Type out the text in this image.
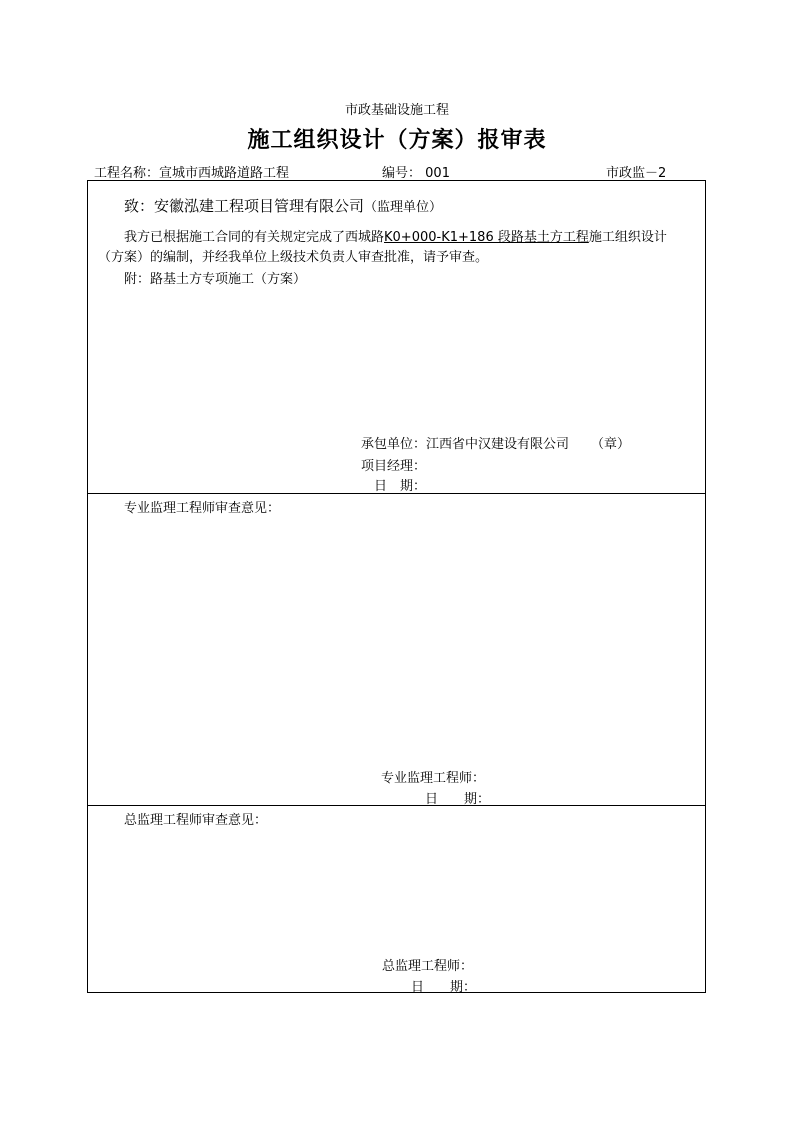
市政基础设施工程
施工组织设计（方案）报审表
工程名称：宣城市西城路道路工程	编号： 001	市政监－2
致：安徽泓建工程项目管理有限公司（监理单位）
我方已根据施工合同的有关规定完成了西城路K0+000-K1+186 段路基土方工程施工组织设计
（方案）的编制，并经我单位上级技术负责人审查批准，请予审查。
附：路基土方专项施工（方案）
承包单位：江西省中汉建设有限公司 （章）
项目经理：
日　期：
专业监理工程师审查意见：
专业监理工程师：
日　　期：
总监理工程师审查意见：
总监理工程师：
日　　期：
